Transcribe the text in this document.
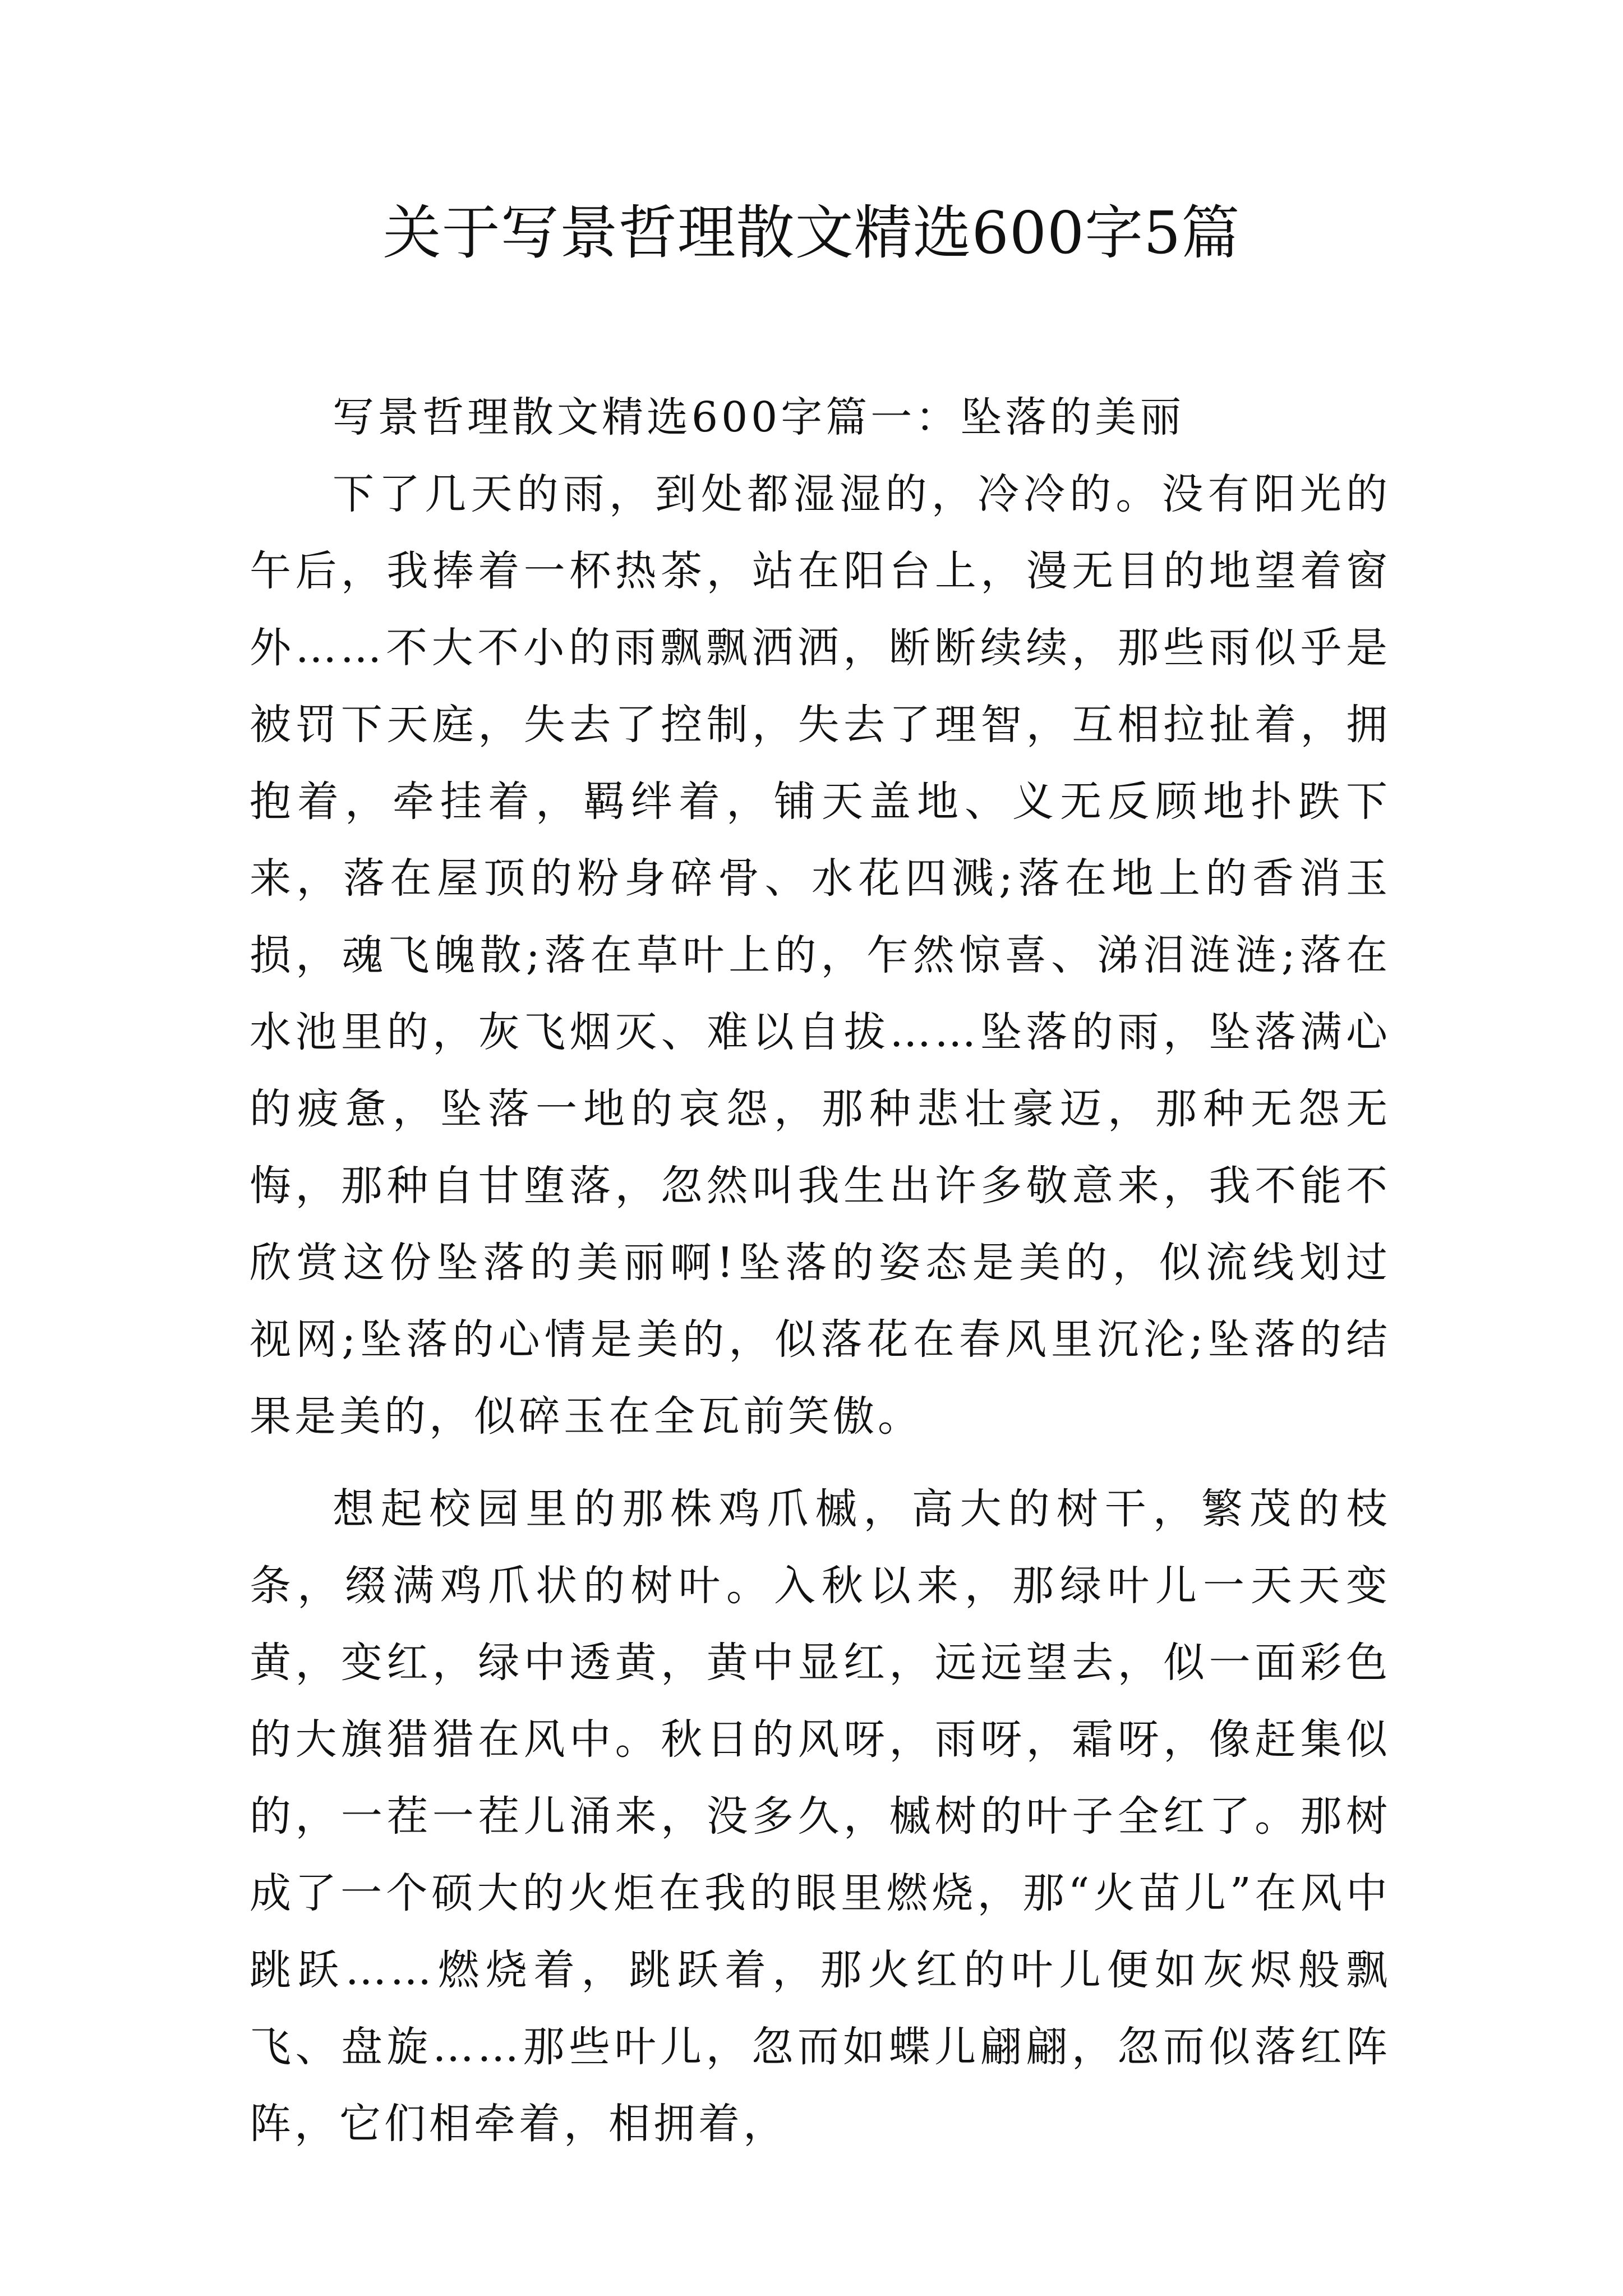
关于写景哲理散文精选600字5篇

写景哲理散文精选600字篇一：坠落的美丽

下了几天的雨，到处都湿湿的，冷冷的。没有阳光的午后，我捧着一杯热茶，站在阳台上，漫无目的地望着窗外……不大不小的雨飘飘洒洒，断断续续，那些雨似乎是被罚下天庭，失去了控制，失去了理智，互相拉扯着，拥抱着，牵挂着，羁绊着，铺天盖地、义无反顾地扑跌下来，落在屋顶的粉身碎骨、水花四溅;落在地上的香消玉损，魂飞魄散;落在草叶上的，乍然惊喜、涕泪涟涟;落在水池里的，灰飞烟灭、难以自拔……坠落的雨，坠落满心的疲惫，坠落一地的哀怨，那种悲壮豪迈，那种无怨无悔，那种自甘堕落，忽然叫我生出许多敬意来，我不能不欣赏这份坠落的美丽啊!坠落的姿态是美的，似流线划过视网;坠落的心情是美的，似落花在春风里沉沦;坠落的结果是美的，似碎玉在全瓦前笑傲。

想起校园里的那株鸡爪槭，高大的树干，繁茂的枝条，缀满鸡爪状的树叶。入秋以来，那绿叶儿一天天变黄，变红，绿中透黄，黄中显红，远远望去，似一面彩色的大旗猎猎在风中。秋日的风呀，雨呀，霜呀，像赶集似的，一茬一茬儿涌来，没多久，槭树的叶子全红了。那树成了一个硕大的火炬在我的眼里燃烧，那“火苗儿”在风中跳跃……燃烧着，跳跃着，那火红的叶儿便如灰烬般飘飞、盘旋……那些叶儿，忽而如蝶儿翩翩，忽而似落红阵阵，它们相牵着，相拥着，
